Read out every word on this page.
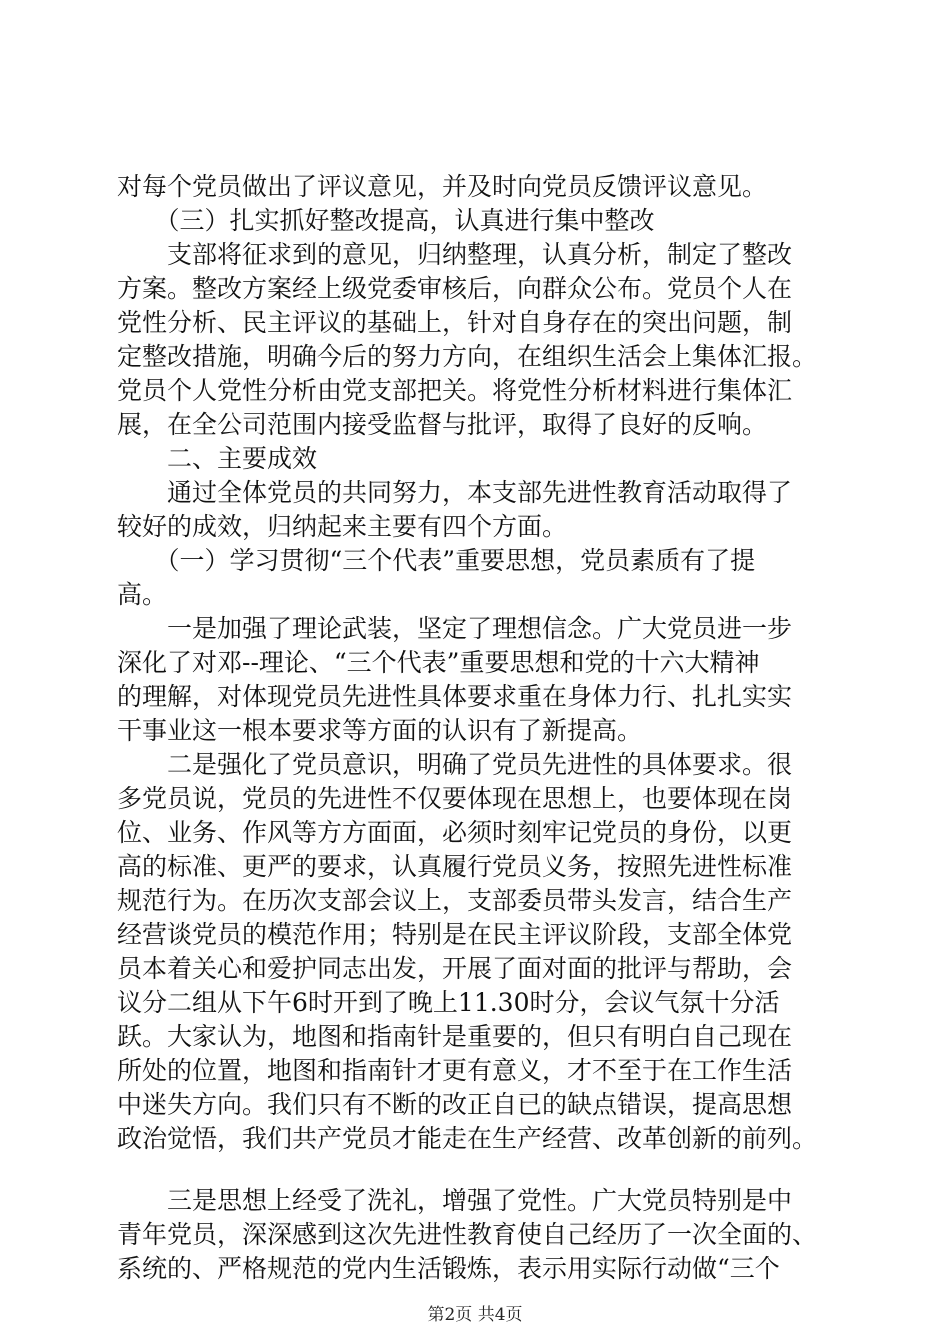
对每个党员做出了评议意见，并及时向党员反馈评议意见。
　　（三）扎实抓好整改提高，认真进行集中整改
　　支部将征求到的意见，归纳整理，认真分析，制定了整改
方案。整改方案经上级党委审核后，向群众公布。党员个人在
党性分析、民主评议的基础上，针对自身存在的突出问题，制
定整改措施，明确今后的努力方向，在组织生活会上集体汇报。
党员个人党性分析由党支部把关。将党性分析材料进行集体汇
展，在全公司范围内接受监督与批评，取得了良好的反响。
　　二、主要成效
　　通过全体党员的共同努力，本支部先进性教育活动取得了
较好的成效，归纳起来主要有四个方面。
　　（一）学习贯彻“三个代表”重要思想，党员素质有了提
高。
　　一是加强了理论武装，坚定了理想信念。广大党员进一步
深化了对邓--理论、“三个代表”重要思想和党的十六大精神
的理解，对体现党员先进性具体要求重在身体力行、扎扎实实
干事业这一根本要求等方面的认识有了新提高。
　　二是强化了党员意识，明确了党员先进性的具体要求。很
多党员说，党员的先进性不仅要体现在思想上，也要体现在岗
位、业务、作风等方方面面，必须时刻牢记党员的身份，以更
高的标准、更严的要求，认真履行党员义务，按照先进性标准
规范行为。在历次支部会议上，支部委员带头发言，结合生产
经营谈党员的模范作用；特别是在民主评议阶段，支部全体党
员本着关心和爱护同志出发，开展了面对面的批评与帮助，会
议分二组从下午6时开到了晚上11.30时分，会议气氛十分活
跃。大家认为，地图和指南针是重要的，但只有明白自己现在
所处的位置，地图和指南针才更有意义，才不至于在工作生活
中迷失方向。我们只有不断的改正自已的缺点错误，提高思想
政治觉悟，我们共产党员才能走在生产经营、改革创新的前列。
　　三是思想上经受了洗礼，增强了党性。广大党员特别是中
青年党员，深深感到这次先进性教育使自己经历了一次全面的、
系统的、严格规范的党内生活锻炼，表示用实际行动做“三个
第2页 共4页
